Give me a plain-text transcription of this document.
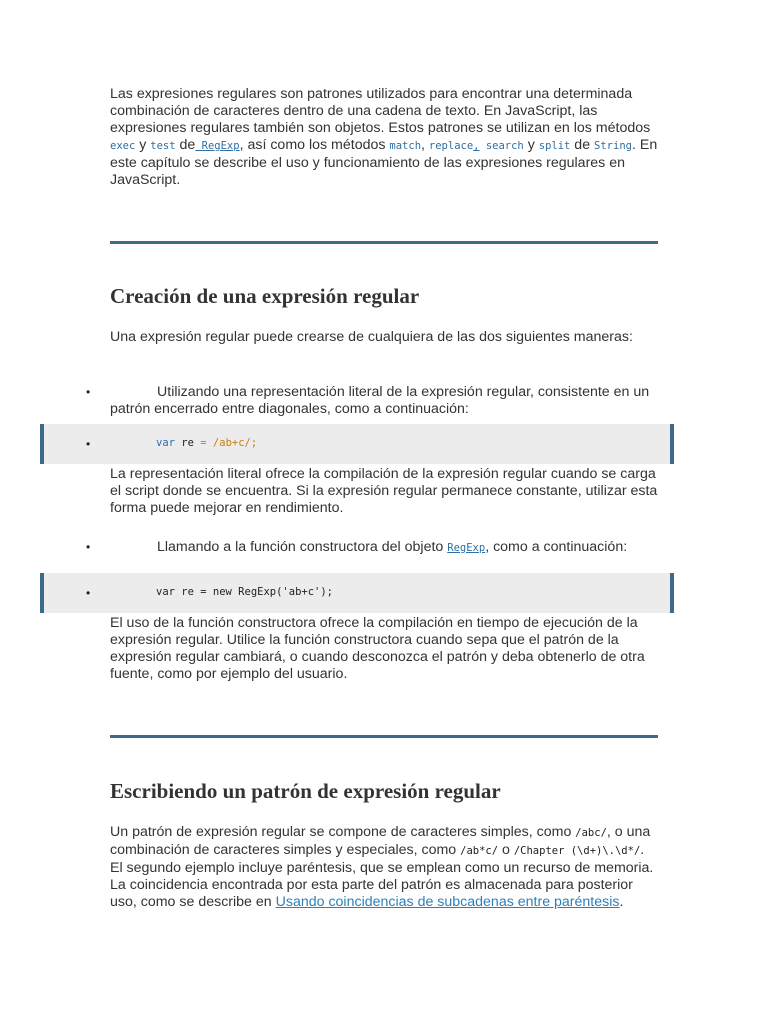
Las expresiones regulares son patrones utilizados para encontrar una determinada combinación de caracteres dentro de una cadena de texto. En JavaScript, las expresiones regulares también son objetos. Estos patrones se utilizan en los métodos exec y test de RegExp, así como los métodos match, replace, search y split de String. En este capítulo se describe el uso y funcionamiento de las expresiones regulares en JavaScript.

Creación de una expresión regular

Una expresión regular puede crearse de cualquiera de las dos siguientes maneras:

•	Utilizando una representación literal de la expresión regular, consistente en un patrón encerrado entre diagonales, como a continuación:

•	var re = /ab+c/;

La representación literal ofrece la compilación de la expresión regular cuando se carga el script donde se encuentra. Si la expresión regular permanece constante, utilizar esta forma puede mejorar en rendimiento.

•	Llamando a la función constructora del objeto RegExp, como a continuación:

•	var re = new RegExp('ab+c');

El uso de la función constructora ofrece la compilación en tiempo de ejecución de la expresión regular. Utilice la función constructora cuando sepa que el patrón de la expresión regular cambiará, o cuando desconozca el patrón y deba obtenerlo de otra fuente, como por ejemplo del usuario.

Escribiendo un patrón de expresión regular

Un patrón de expresión regular se compone de caracteres simples, como /abc/, o una combinación de caracteres simples y especiales, como /ab*c/ o /Chapter (\d+)\.\d*/. El segundo ejemplo incluye paréntesis, que se emplean como un recurso de memoria. La coincidencia encontrada por esta parte del patrón es almacenada para posterior uso, como se describe en Usando coincidencias de subcadenas entre paréntesis.
